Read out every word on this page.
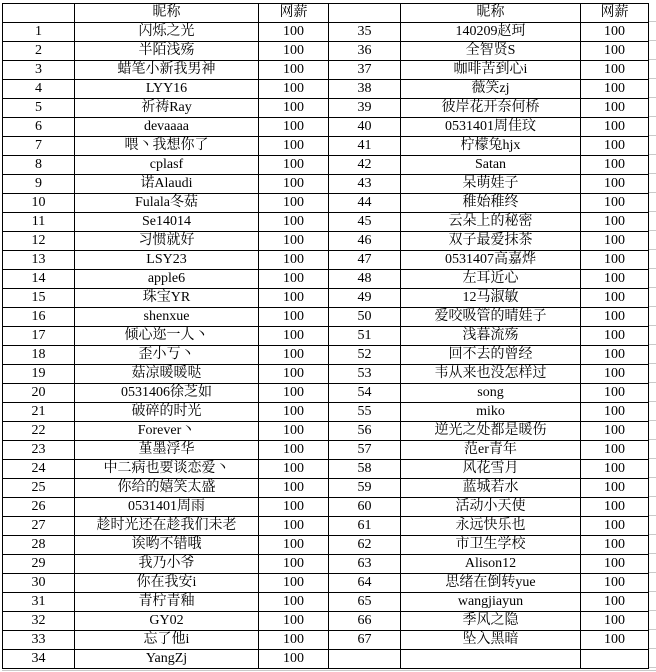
	昵称	网薪		昵称	网薪
1	闪烁之光	100	35	140209赵珂	100
2	半陌浅殇	100	36	全智贤S	100
3	蜡笔小新我男神	100	37	咖啡苦到心i	100
4	LYY16	100	38	薇笑zj	100
5	祈祷Ray	100	39	彼岸花开奈何桥	100
6	devaaaa	100	40	0531401周佳玟	100
7	喂丶我想你了	100	41	柠檬兔hjx	100
8	cplasf	100	42	Satan	100
9	诺Alaudi	100	43	呆萌娃子	100
10	Fulala冬菇	100	44	稚始稚终	100
11	Se14014	100	45	云朵上的秘密	100
12	习惯就好	100	46	双子最爱抹茶	100
13	LSY23	100	47	0531407高嘉烨	100
14	apple6	100	48	左耳近心	100
15	珠宝YR	100	49	12马淑敏	100
16	shenxue	100	50	爱咬吸管的晴娃子	100
17	倾心迩一人丶	100	51	浅暮流殇	100
18	歪小丂丶	100	52	回不去的曾经	100
19	菇凉暖暖哒	100	53	韦从来也没怎样过	100
20	0531406徐芝如	100	54	song	100
21	破碎的时光	100	55	miko	100
22	Forever丶	100	56	逆光之处都是暖伤	100
23	堇墨浮华	100	57	范er青年	100
24	中二病也要谈恋爱丶	100	58	风花雪月	100
25	你给的嬉笑太盛	100	59	蓝城若水	100
26	0531401周雨	100	60	活动小天使	100
27	趁时光还在趁我们未老	100	61	永远快乐也	100
28	诶哟不错哦	100	62	市卫生学校	100
29	我乃小爷	100	63	Alison12	100
30	你在我安i	100	64	思绪在倒转yue	100
31	青柠青釉	100	65	wangjiayun	100
32	GY02	100	66	季风之隐	100
33	忘了他i	100	67	坠入黑暗	100
34	YangZj	100			
